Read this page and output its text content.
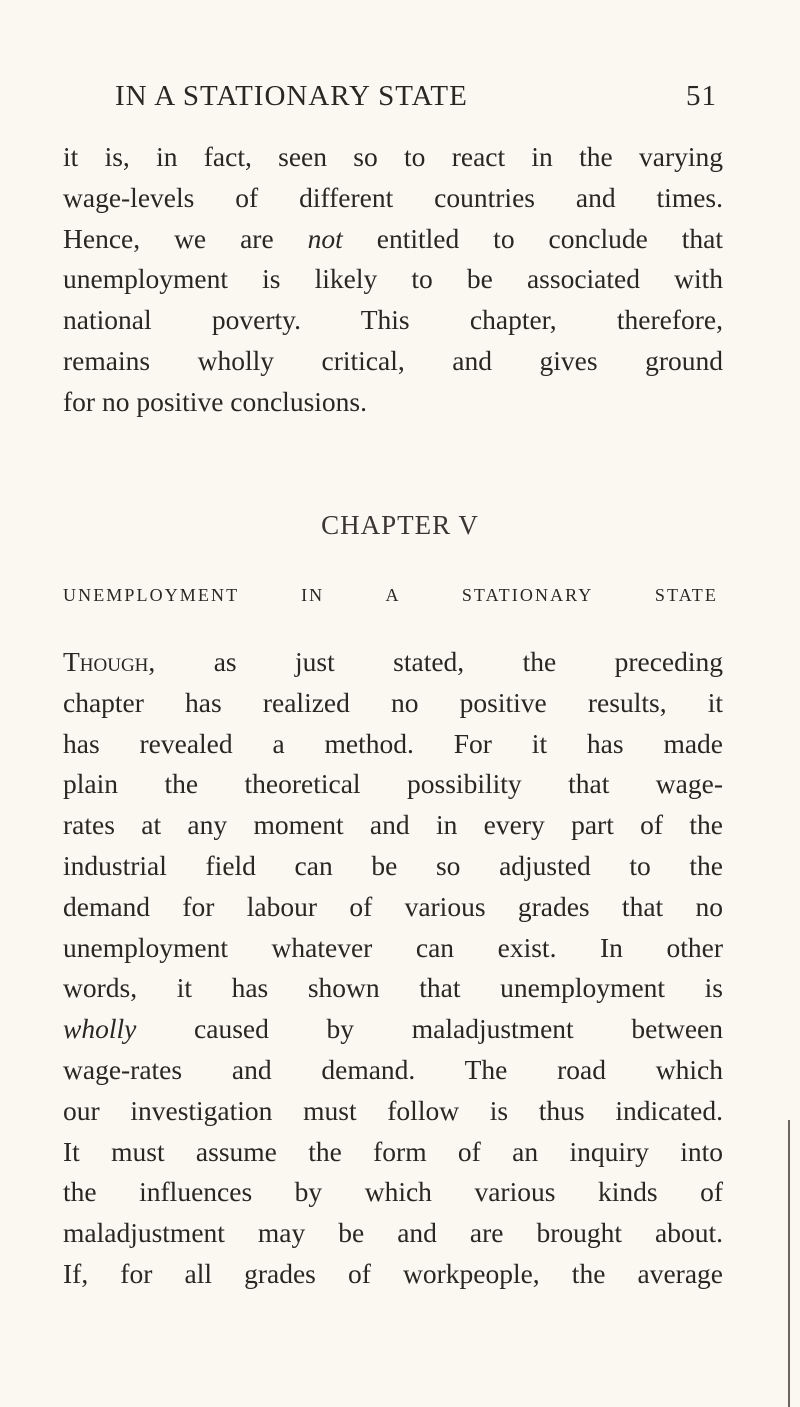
IN A STATIONARY STATE	51
it is, in fact, seen so to react in the varying
wage-levels of different countries and times.
Hence, we are not entitled to conclude that
unemployment is likely to be associated with
national poverty. This chapter, therefore,
remains wholly critical, and gives ground
for no positive conclusions.
CHAPTER V
UNEMPLOYMENT IN A STATIONARY STATE
Though, as just stated, the preceding
chapter has realized no positive results, it
has revealed a method. For it has made
plain the theoretical possibility that wage-
rates at any moment and in every part of the
industrial field can be so adjusted to the
demand for labour of various grades that no
unemployment whatever can exist. In other
words, it has shown that unemployment is
wholly caused by maladjustment between
wage-rates and demand. The road which
our investigation must follow is thus indicated.
It must assume the form of an inquiry into
the influences by which various kinds of
maladjustment may be and are brought about.
If, for all grades of workpeople, the average
